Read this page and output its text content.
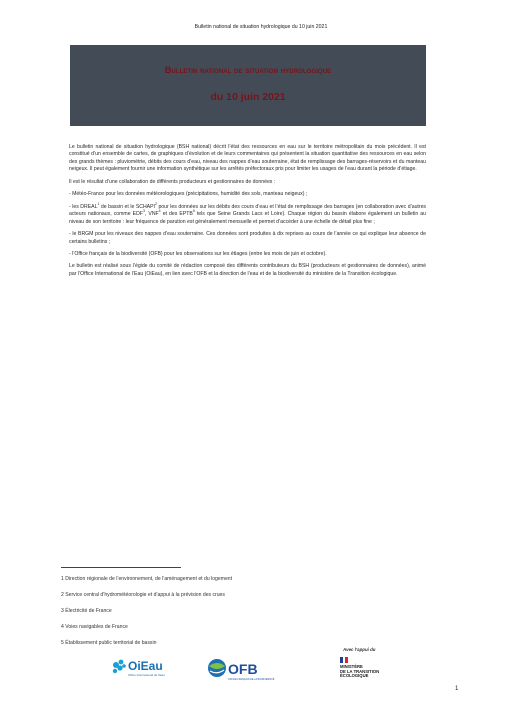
Bulletin national de situation hydrologique du 10 juin 2021
Bulletin national de situation hydrologique
du 10 juin 2021

Le bulletin national de situation hydrologique (BSH national) décrit l’état des ressources en eau sur le territoire métropolitain du mois précédent. Il est constitué d’un ensemble de cartes, de graphiques d’évolution et de leurs commentaires qui présentent la situation quantitative des ressources en eau selon des grands thèmes : pluviométrie, débits des cours d’eau, niveau des nappes d’eau souterraine, état de remplissage des barrages-réservoirs et du manteau neigeux. Il peut également fournir une information synthétique sur les arrêtés préfectoraux pris pour limiter les usages de l’eau durant la période d’étiage.

Il est le résultat d’une collaboration de différents producteurs et gestionnaires de données :

- Météo-France pour les données météorologiques (précipitations, humidité des sols, manteau neigeux) ;

- les DREAL$^1$ de bassin et le SCHAPI$^2$ pour les données sur les débits des cours d’eau et l’état de remplissage des barrages (en collaboration avec d’autres acteurs nationaux, comme EDF$^3$, VNF$^4$ et des EPTB$^5$ tels que Seine Grands Lacs et Loire). Chaque région du bassin élabore également un bulletin au niveau de son territoire : leur fréquence de parution est généralement mensuelle et permet d’accéder à une échelle de détail plus fine ;

- le BRGM pour les niveaux des nappes d’eau souterraine. Ces données sont produites à dix reprises au cours de l’année ce qui explique leur absence de certains bulletins ;

- l’Office français de la biodiversité (OFB) pour les observations sur les étiages (entre les mois de juin et octobre).

Le bulletin est réalisé sous l’égide du comité de rédaction composé des différents contributeurs du BSH (producteurs et gestionnaires de données), animé par l’Office International de l’Eau (OiEau), en lien avec l’OFB et la direction de l’eau et de la biodiversité du ministère de la Transition écologique.

1 Direction régionale de l’environnement, de l’aménagement et du logement
2 Service central d’hydrométéorologie et d’appui à la prévision des crues
3 Électricité de France
4 Voies navigables de France
5 Établissement public territorial de bassin
Avec l’appui du
OiEau
Office International de l’Eau	OFB
OFFICE FRANÇAIS DE LA BIODIVERSITÉ
MINISTÈRE
DE LA TRANSITION
ÉCOLOGIQUE
1
